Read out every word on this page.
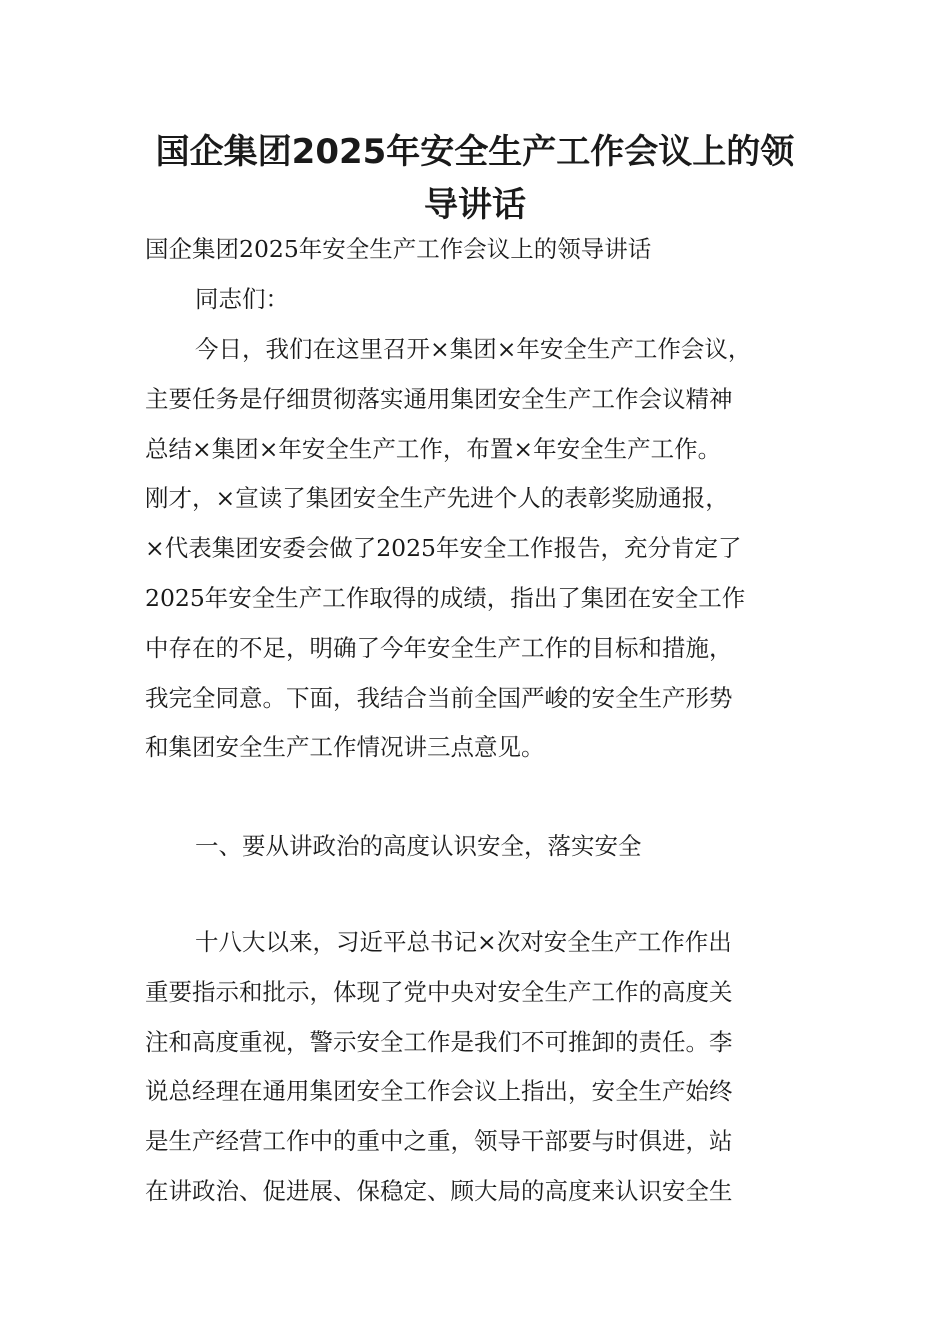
国企集团2025年安全生产工作会议上的领
导讲话

国企集团2025年安全生产工作会议上的领导讲话

同志们：

今日，我们在这里召开×集团×年安全生产工作会议，
主要任务是仔细贯彻落实通用集团安全生产工作会议精神
总结×集团×年安全生产工作，布置×年安全生产工作。
刚才，×宣读了集团安全生产先进个人的表彰奖励通报，
×代表集团安委会做了2025年安全工作报告，充分肯定了
2025年安全生产工作取得的成绩，指出了集团在安全工作
中存在的不足，明确了今年安全生产工作的目标和措施，
我完全同意。下面，我结合当前全国严峻的安全生产形势
和集团安全生产工作情况讲三点意见。

一、要从讲政治的高度认识安全，落实安全

十八大以来，习近平总书记×次对安全生产工作作出
重要指示和批示，体现了党中央对安全生产工作的高度关
注和高度重视，警示安全工作是我们不可推卸的责任。李
说总经理在通用集团安全工作会议上指出，安全生产始终
是生产经营工作中的重中之重，领导干部要与时俱进，站
在讲政治、促进展、保稳定、顾大局的高度来认识安全生
